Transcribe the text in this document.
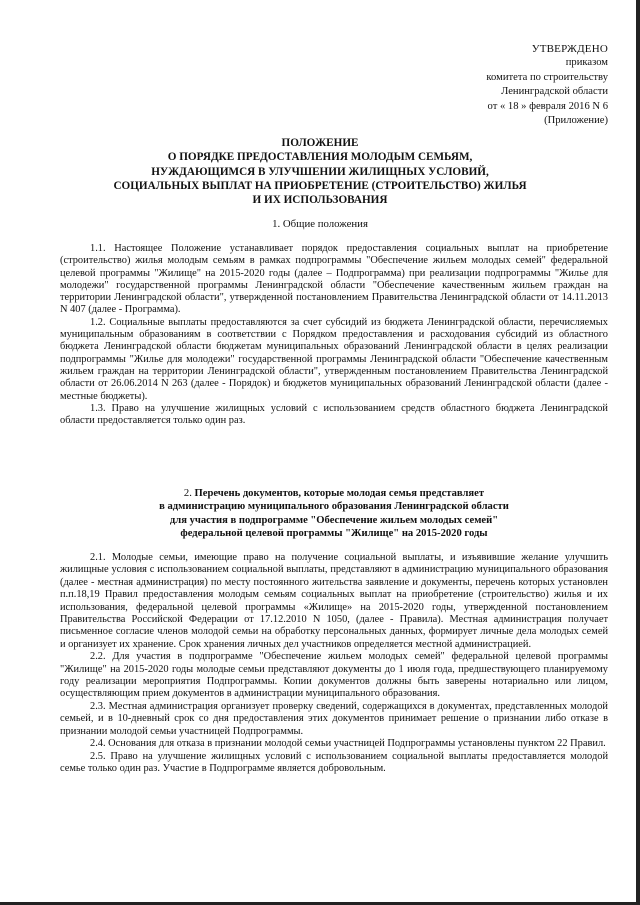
УТВЕРЖДЕНО
приказом
комитета по строительству
Ленинградской области
от « 18 » февраля 2016 N 6
(Приложение)
ПОЛОЖЕНИЕ
О ПОРЯДКЕ ПРЕДОСТАВЛЕНИЯ МОЛОДЫМ СЕМЬЯМ,
НУЖДАЮЩИМСЯ В УЛУЧШЕНИИ ЖИЛИЩНЫХ УСЛОВИЙ,
СОЦИАЛЬНЫХ ВЫПЛАТ НА ПРИОБРЕТЕНИЕ (СТРОИТЕЛЬСТВО) ЖИЛЬЯ
И ИХ ИСПОЛЬЗОВАНИЯ
1. Общие положения

1.1. Настоящее Положение устанавливает порядок предоставления социальных выплат на приобретение (строительство) жилья молодым семьям в рамках подпрограммы "Обеспечение жильем молодых семей" федеральной целевой программы "Жилище" на 2015-2020 годы (далее – Подпрограмма) при реализации подпрограммы "Жилье для молодежи" государственной программы Ленинградской области "Обеспечение качественным жильем граждан на территории Ленинградской области", утвержденной постановлением Правительства Ленинградской области от 14.11.2013 N 407 (далее - Программа).

1.2. Социальные выплаты предоставляются за счет субсидий из бюджета Ленинградской области, перечисляемых муниципальным образованиям в соответствии с Порядком предоставления и расходования субсидий из областного бюджета Ленинградской области бюджетам муниципальных образований Ленинградской области в целях реализации подпрограммы "Жилье для молодежи" государственной программы Ленинградской области "Обеспечение качественным жильем граждан на территории Ленинградской области", утвержденным постановлением Правительства Ленинградской области от 26.06.2014 N 263 (далее - Порядок) и бюджетов муниципальных образований Ленинградской области (далее - местные бюджеты).

1.3. Право на улучшение жилищных условий с использованием средств областного бюджета Ленинградской области предоставляется только один раз.

2. Перечень документов, которые молодая семья представляет
в администрацию муниципального образования Ленинградской области
для участия в подпрограмме "Обеспечение жильем молодых семей"
федеральной целевой программы "Жилище" на 2015-2020 годы

2.1. Молодые семьи, имеющие право на получение социальной выплаты, и изъявившие желание улучшить жилищные условия с использованием социальной выплаты, представляют в администрацию муниципального образования (далее - местная администрация) по месту постоянного жительства заявление и документы, перечень которых установлен п.п.18,19 Правил предоставления молодым семьям социальных выплат на приобретение (строительство) жилья и их использования, федеральной целевой программы «Жилище» на 2015-2020 годы, утвержденной постановлением Правительства Российской Федерации от 17.12.2010 N 1050, (далее - Правила). Местная администрация получает письменное согласие членов молодой семьи на обработку персональных данных, формирует личные дела молодых семей и организует их хранение. Срок хранения личных дел участников определяется местной администрацией.

2.2. Для участия в подпрограмме "Обеспечение жильем молодых семей" федеральной целевой программы "Жилище" на 2015-2020 годы молодые семьи представляют документы до 1 июля года, предшествующего планируемому году реализации мероприятия Подпрограммы. Копии документов должны быть заверены нотариально или лицом, осуществляющим прием документов в администрации муниципального образования.

2.3. Местная администрация организует проверку сведений, содержащихся в документах, представленных молодой семьей, и в 10-дневный срок со дня предоставления этих документов принимает решение о признании либо отказе в признании молодой семьи участницей Подпрограммы.

2.4. Основания для отказа в признании молодой семьи участницей Подпрограммы установлены пунктом 22 Правил.

2.5. Право на улучшение жилищных условий с использованием социальной выплаты предоставляется молодой семье только один раз. Участие в Подпрограмме является добровольным.
